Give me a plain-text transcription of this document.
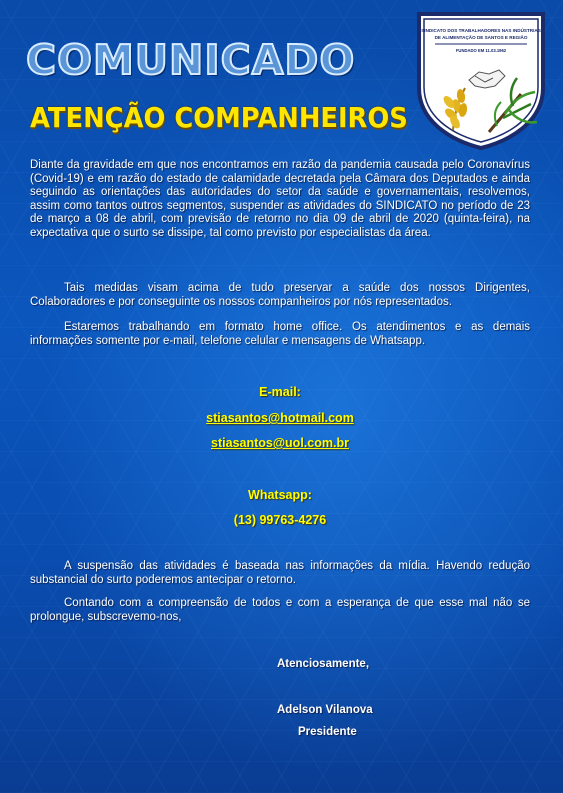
COMUNICADO
ATENÇÃO COMPANHEIROS
SINDICATO DOS TRABALHADORES NAS INDÚSTRIAS
DE ALIMENTAÇÃO DE SANTOS E REGIÃO
FUNDADO EM 11.03.1962
Diante da gravidade em que nos encontramos em razão da pandemia causada pelo Coronavírus (Covid-19) e em razão do estado de calamidade decretada pela Câmara dos Deputados e ainda seguindo as orientações das autoridades do setor da saúde e governamentais, resolvemos, assim como tantos outros segmentos, suspender as atividades do SINDICATO no período de 23 de março a 08 de abril, com previsão de retorno no dia 09 de abril de 2020 (quinta-feira), na expectativa que o surto se dissipe, tal como previsto por especialistas da área.
Tais medidas visam acima de tudo preservar a saúde dos nossos Dirigentes, Colaboradores e por conseguinte os nossos companheiros por nós representados.
Estaremos trabalhando em formato home office. Os atendimentos e as demais informações somente por e-mail, telefone celular e mensagens de Whatsapp.
E-mail:
stiasantos@hotmail.com
stiasantos@uol.com.br
Whatsapp:
(13) 99763-4276
A suspensão das atividades é baseada nas informações da mídia. Havendo redução substancial do surto poderemos antecipar o retorno.
Contando com a compreensão de todos e com a esperança de que esse mal não se prolongue, subscrevemo-nos,
Atenciosamente,
Adelson Vilanova
Presidente
